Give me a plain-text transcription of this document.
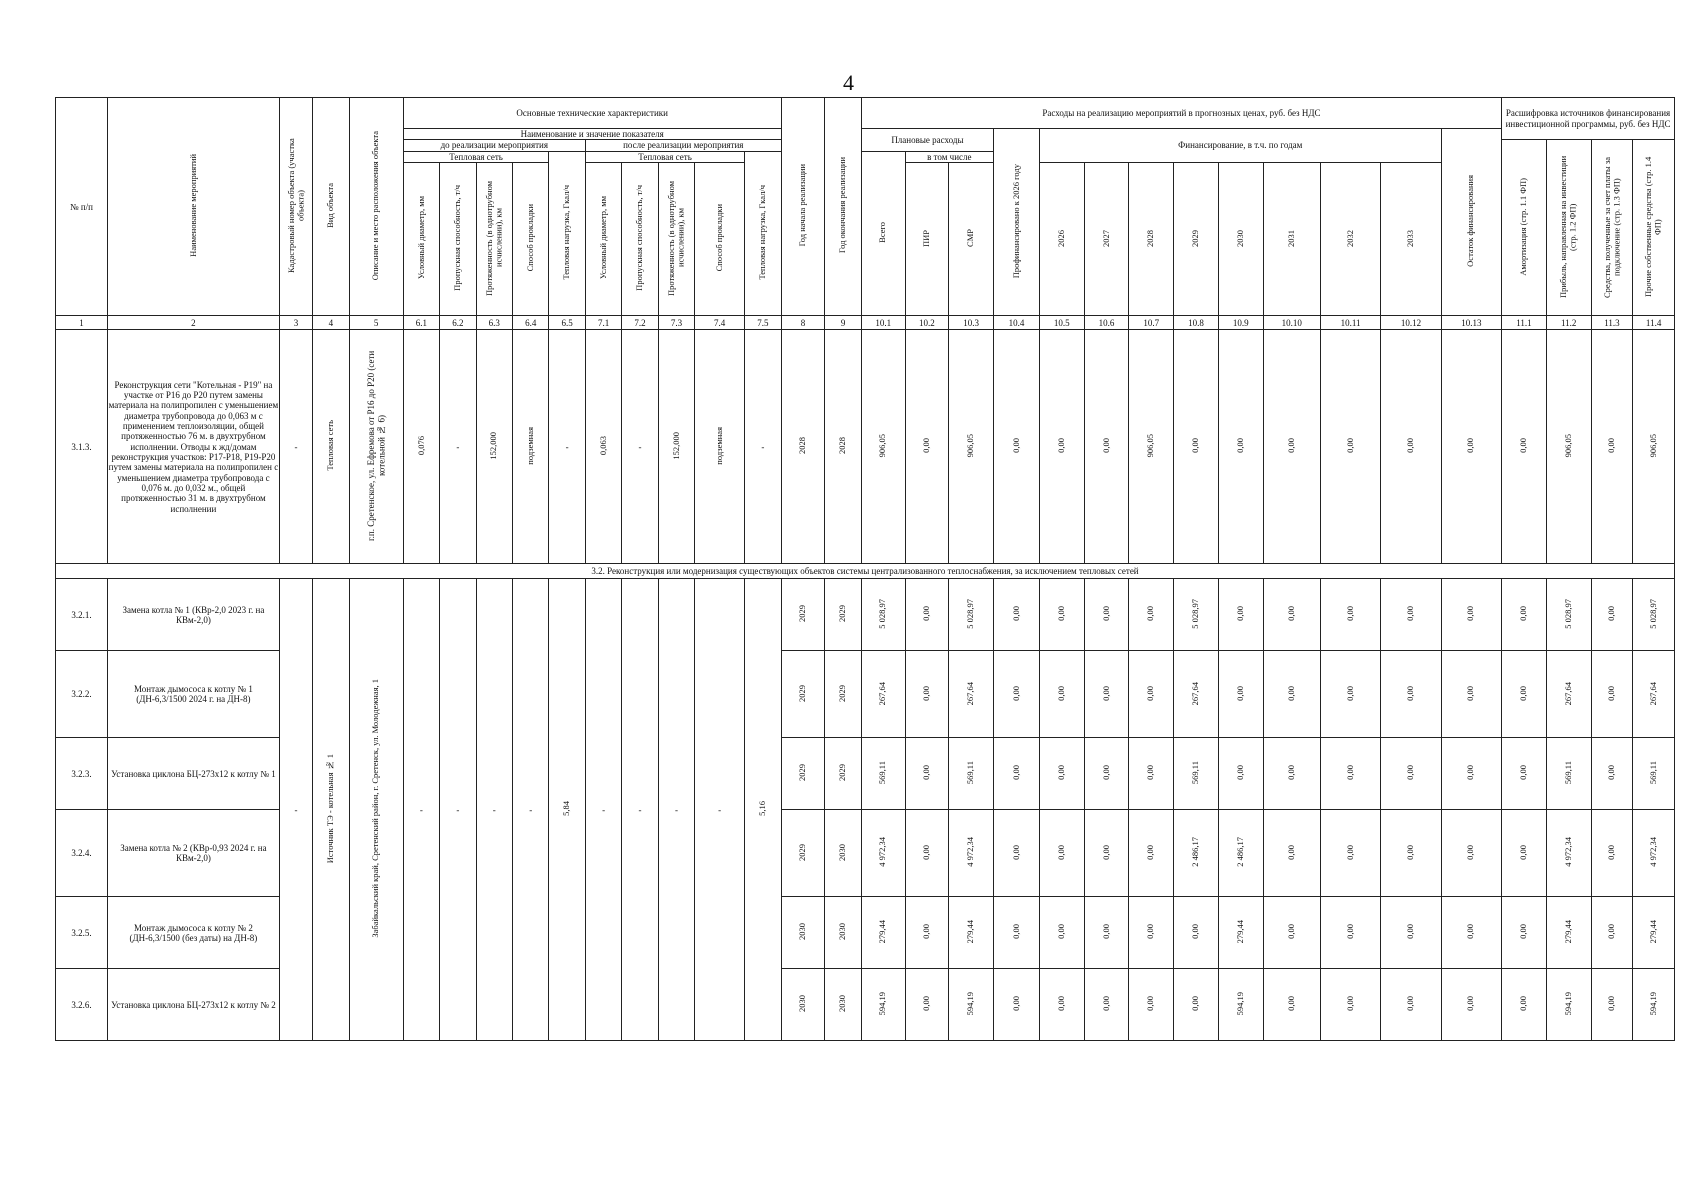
4
№ п/п	Наименование мероприятий	Кадастровый номер объекта (участка объекта)	Вид объекта	Описание и место расположения объекта	Основные технические характеристики										Год начала реализации	Год окончания реализации	Расходы на реализацию мероприятий в прогнозных ценах, руб. без НДС													Расшифровка источников финансирования инвестиционной программы, руб. без НДС			
					Наименование и значение показателя												Плановые расходы			Профинансировано к 2026 году	Финансирование, в т.ч. по годам								Остаток финансирования				
					до реализации мероприятия					после реализации мероприятия																				Амортизация (стр. 1.1 ФП)	Прибыль, направленная на инвестиции (стр. 1.2 ФП)	Средства, полученные за счет платы за подключение (стр. 1.3 ФП)	Прочие собственные средства (стр. 1.4 ФП)
					Тепловая сеть				Тепловая нагрузка, Гкал/ч	Тепловая сеть				Тепловая нагрузка, Гкал/ч			Всего	в том числе															
					Условный диаметр, мм	Пропускная способность, т/ч	Протяженность (в однотрубном исчислении), км	Способ прокладки		Условный диаметр, мм	Пропускная способность, т/ч	Протяженность (в однотрубном исчислении), км	Способ прокладки					ПИР	СМР		2026	2027	2028	2029	2030	2031	2032	2033					

1	2	3	4	5	6.1	6.2	6.3	6.4	6.5	7.1	7.2	7.3	7.4	7.5	8	9	10.1	10.2	10.3	10.4	10.5	10.6	10.7	10.8	10.9	10.10	10.11	10.12	10.13	11.1	11.2	11.3	11.4
3.1.3.	Реконструкция сети "Котельная - Р19" на участке от Р16 до Р20 путем замены материала на полипропилен с уменьшением диаметра трубопровода до 0,063 м с применением теплоизоляции, общей протяженностью 76 м. в двухтрубном исполнении. Отводы к жд/домам реконструкция участков: Р17-Р18, Р19-Р20 путем замены материала на полипропилен с уменьшением диаметра трубопровода с 0,076 м. до 0,032 м., общей протяженностью 31 м. в двухтрубном исполнении	-	Тепловая сеть	г.п. Сретенское, ул. Ефремова от Р16 до Р20 (сети котельной № 6)	0,076	-	152,000	подземная	-	0,063	-	152,000	подземная	-	2028	2028	906,05	0,00	906,05	0,00	0,00	0,00	906,05	0,00	0,00	0,00	0,00	0,00	0,00	0,00	906,05	0,00	906,05
3.2. Реконструкция или модернизация существующих объектов системы централизованного теплоснабжения, за исключением тепловых сетей																																	
3.2.1.	Замена котла № 1 (КВр-2,0 2023 г. на КВм-2,0)	-	Источник ТЭ - котельная № 1	Забайкальский край, Сретенский район, г. Сретенск, ул. Молодежная, 1	-	-	-	-	5,84	-	-	-	-	5,16	2029	2029	5 028,97	0,00	5 028,97	0,00	0,00	0,00	0,00	5 028,97	0,00	0,00	0,00	0,00	0,00	0,00	5 028,97	0,00	5 028,97
3.2.2.	Монтаж дымососа к котлу № 1 (ДН-6,3/1500 2024 г. на ДН-8)														2029	2029	267,64	0,00	267,64	0,00	0,00	0,00	0,00	267,64	0,00	0,00	0,00	0,00	0,00	0,00	267,64	0,00	267,64
3.2.3.	Установка циклона БЦ-273х12 к котлу № 1														2029	2029	569,11	0,00	569,11	0,00	0,00	0,00	0,00	569,11	0,00	0,00	0,00	0,00	0,00	0,00	569,11	0,00	569,11
3.2.4.	Замена котла № 2 (КВр-0,93 2024 г. на КВм-2,0)														2029	2030	4 972,34	0,00	4 972,34	0,00	0,00	0,00	0,00	2 486,17	2 486,17	0,00	0,00	0,00	0,00	0,00	4 972,34	0,00	4 972,34
3.2.5.	Монтаж дымососа к котлу № 2 (ДН-6,3/1500 (без даты) на ДН-8)														2030	2030	279,44	0,00	279,44	0,00	0,00	0,00	0,00	0,00	279,44	0,00	0,00	0,00	0,00	0,00	279,44	0,00	279,44
3.2.6.	Установка циклона БЦ-273х12 к котлу № 2														2030	2030	594,19	0,00	594,19	0,00	0,00	0,00	0,00	0,00	594,19	0,00	0,00	0,00	0,00	0,00	594,19	0,00	594,19
